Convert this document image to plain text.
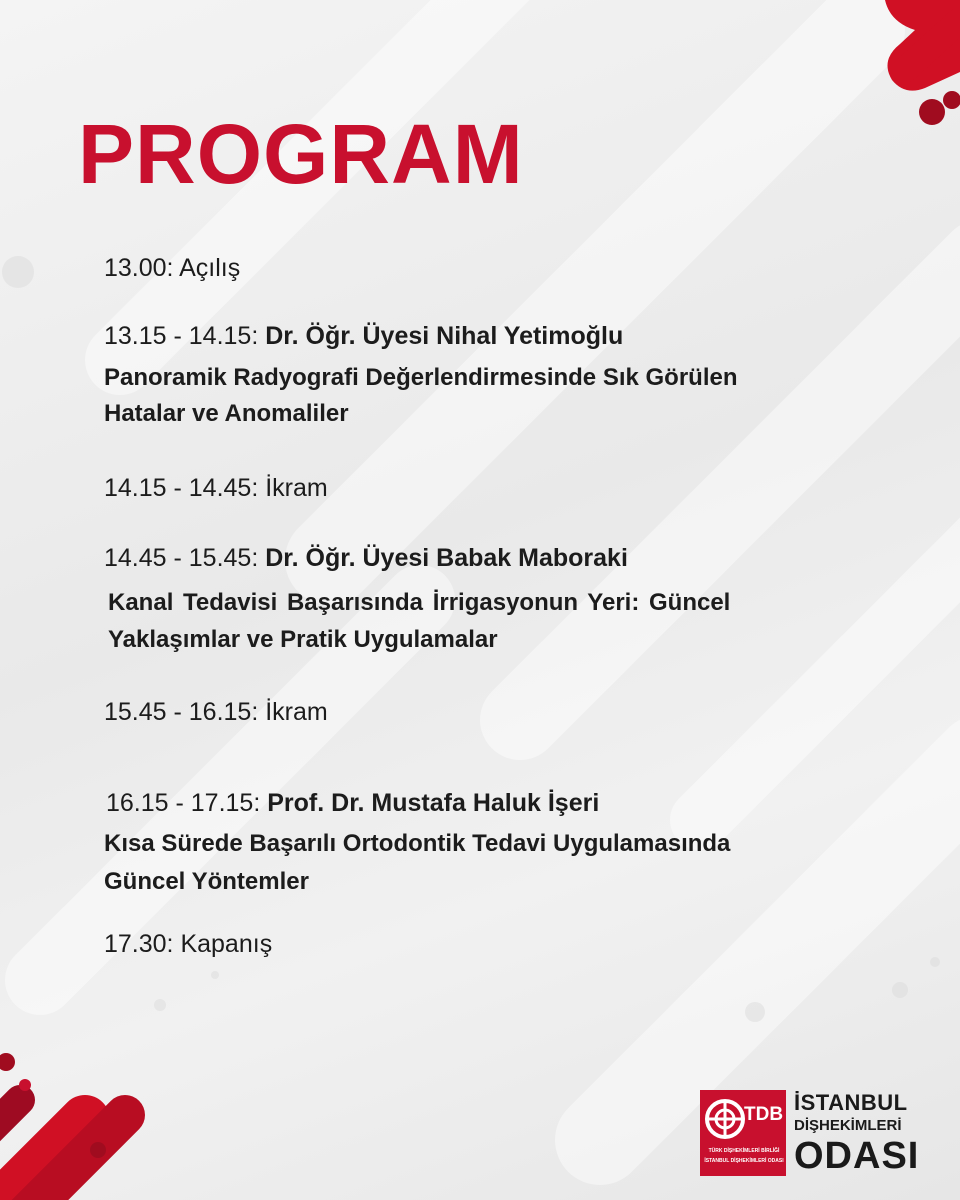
PROGRAM

13.00: Açılış

13.15 - 14.15: Dr. Öğr. Üyesi Nihal Yetimoğlu

Panoramik Radyografi Değerlendirmesinde Sık Görülen

Hatalar ve Anomaliler

14.15 - 14.45: İkram

14.45 - 15.45: Dr. Öğr. Üyesi Babak Maboraki

Kanal Tedavisi Başarısında İrrigasyonun Yeri: Güncel

Yaklaşımlar ve Pratik Uygulamalar

15.45 - 16.15: İkram

16.15 - 17.15: Prof. Dr. Mustafa Haluk İşeri

Kısa Sürede Başarılı Ortodontik Tedavi Uygulamasında

Güncel Yöntemler

17.30: Kapanış

TDB
TÜRK DİŞHEKİMLERİ BİRLİĞİ
İSTANBUL DİŞHEKİMLERİ ODASI
İSTANBUL
DİŞHEKİMLERİ
ODASI
